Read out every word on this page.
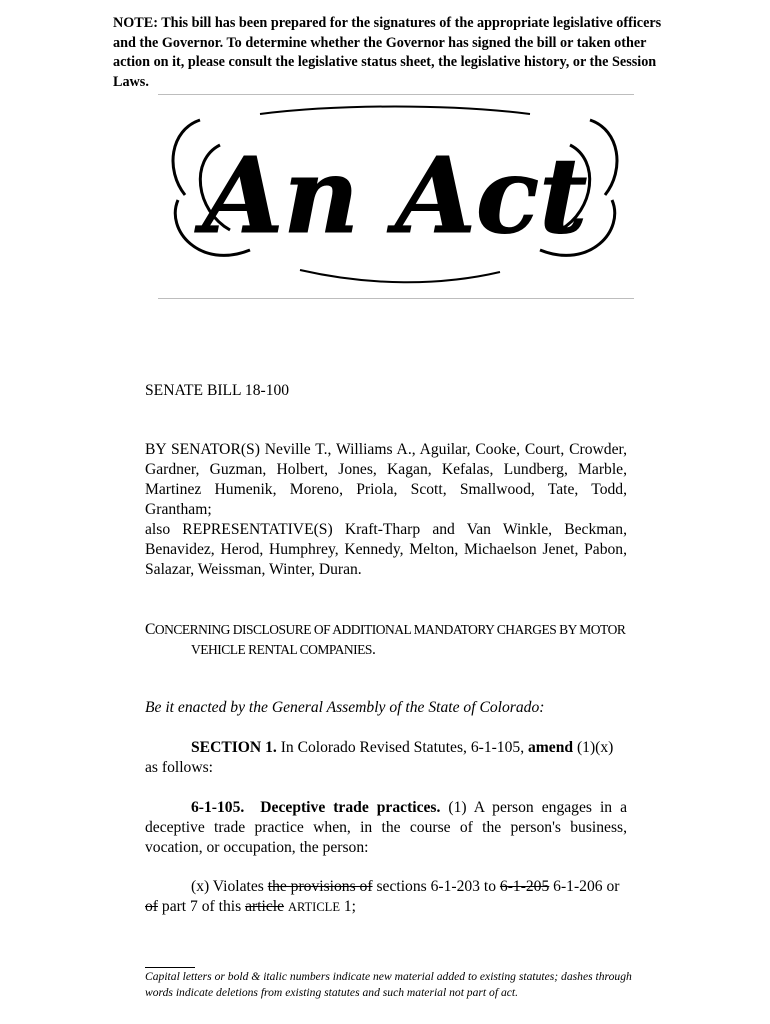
NOTE: This bill has been prepared for the signatures of the appropriate legislative officers and the Governor. To determine whether the Governor has signed the bill or taken other action on it, please consult the legislative status sheet, the legislative history, or the Session Laws.
An Act
SENATE BILL 18-100

BY SENATOR(S) Neville T., Williams A., Aguilar, Cooke, Court, Crowder, Gardner, Guzman, Holbert, Jones, Kagan, Kefalas, Lundberg, Marble, Martinez Humenik, Moreno, Priola, Scott, Smallwood, Tate, Todd, Grantham;

also REPRESENTATIVE(S) Kraft-Tharp and Van Winkle, Beckman, Benavidez, Herod, Humphrey, Kennedy, Melton, Michaelson Jenet, Pabon, Salazar, Weissman, Winter, Duran.

CONCERNING DISCLOSURE OF ADDITIONAL MANDATORY CHARGES BY MOTOR
VEHICLE RENTAL COMPANIES.
Be it enacted by the General Assembly of the State of Colorado:
SECTION 1. In Colorado Revised Statutes, 6-1-105, amend (1)(x) as follows:
6-1-105. Deceptive trade practices. (1) A person engages in a deceptive trade practice when, in the course of the person's business, vocation, or occupation, the person:
(x) Violates the provisions of sections 6-1-203 to 6-1-205 6-1-206 or of part 7 of this article ARTICLE 1;
Capital letters or bold & italic numbers indicate new material added to existing statutes; dashes through words indicate deletions from existing statutes and such material not part of act.
